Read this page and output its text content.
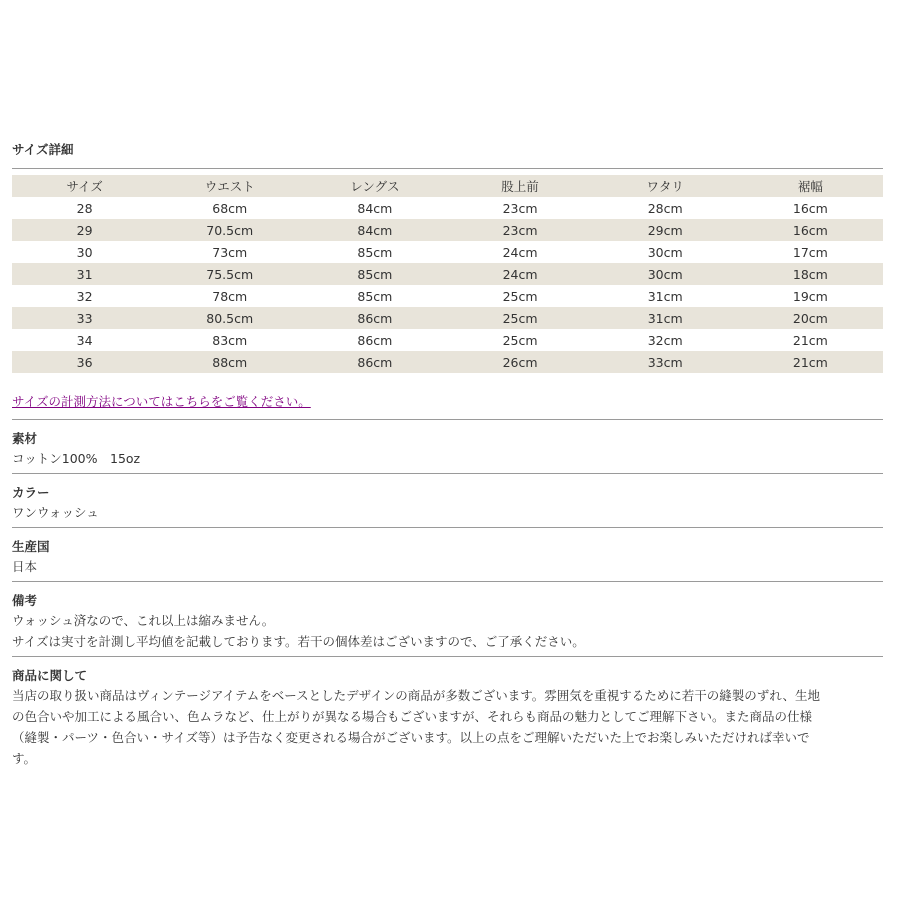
サイズ詳細
サイズ	ウエスト	レングス	股上前	ワタリ	裾幅
28	68cm	84cm	23cm	28cm	16cm
29	70.5cm	84cm	23cm	29cm	16cm
30	73cm	85cm	24cm	30cm	17cm
31	75.5cm	85cm	24cm	30cm	18cm
32	78cm	85cm	25cm	31cm	19cm
33	80.5cm	86cm	25cm	31cm	20cm
34	83cm	86cm	25cm	32cm	21cm
36	88cm	86cm	26cm	33cm	21cm
サイズの計測方法についてはこちらをご覧ください。
素材
コットン100%　15oz
カラー
ワンウォッシュ
生産国
日本
備考

ウォッシュ済なので、これ以上は縮みません。

サイズは実寸を計測し平均値を記載しております。若干の個体差はございますので、ご了承ください。

商品に関して

当店の取り扱い商品はヴィンテージアイテムをベースとしたデザインの商品が多数ございます。雰囲気を重視するために若干の縫製のずれ、生地

の色合いや加工による風合い、色ムラなど、仕上がりが異なる場合もございますが、それらも商品の魅力としてご理解下さい。また商品の仕様

（縫製・パーツ・色合い・サイズ等）は予告なく変更される場合がございます。以上の点をご理解いただいた上でお楽しみいただければ幸いで

す。
